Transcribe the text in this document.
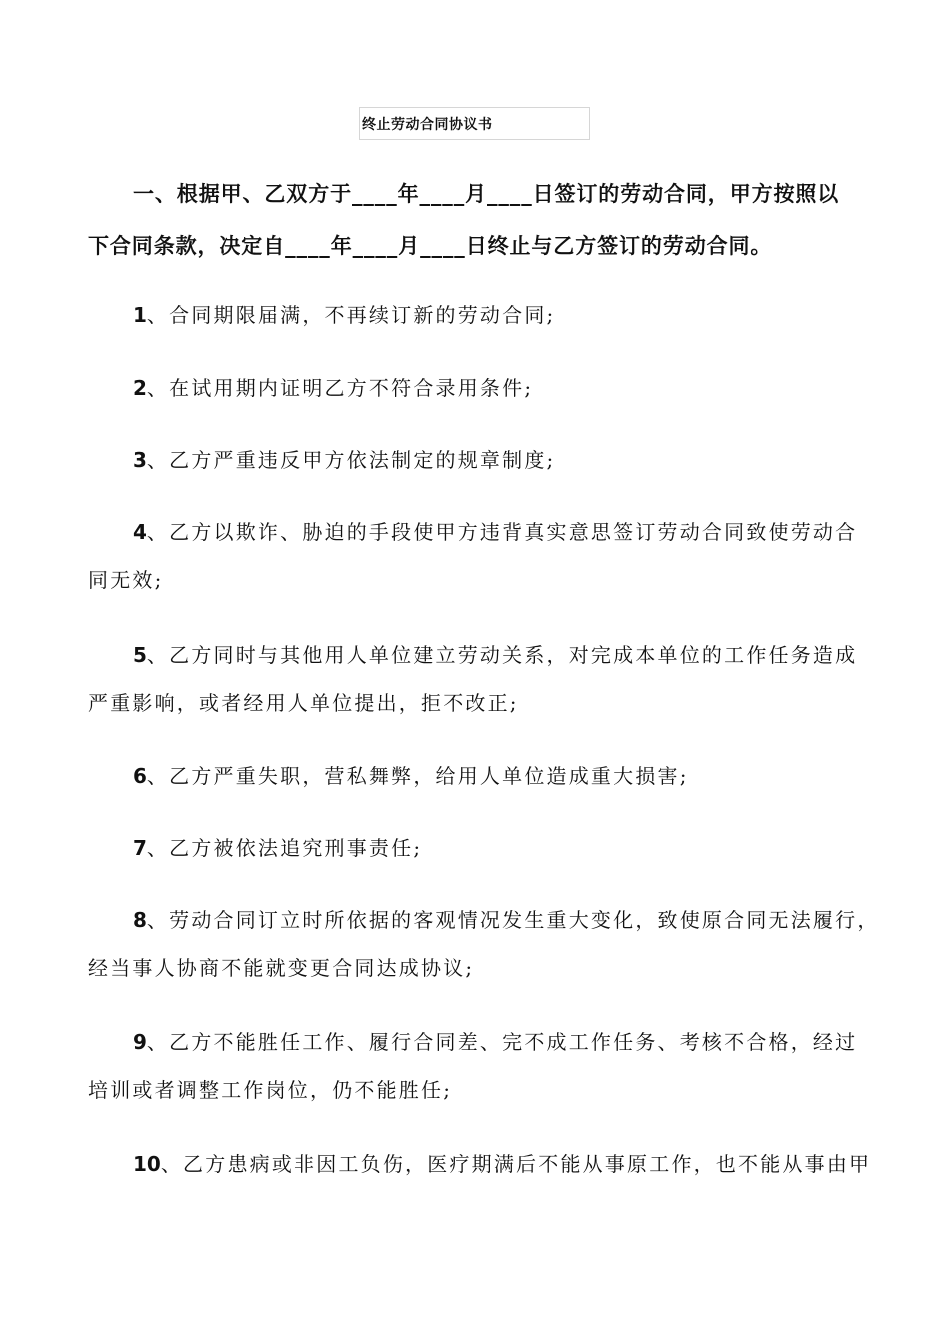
终止劳动合同协议书
一、根据甲、乙双方于____年____月____日签订的劳动合同，甲方按照以
下合同条款，决定自____年____月____日终止与乙方签订的劳动合同。
1、合同期限届满，不再续订新的劳动合同;
2、在试用期内证明乙方不符合录用条件;
3、乙方严重违反甲方依法制定的规章制度;
4、乙方以欺诈、胁迫的手段使甲方违背真实意思签订劳动合同致使劳动合
同无效;
5、乙方同时与其他用人单位建立劳动关系，对完成本单位的工作任务造成
严重影响，或者经用人单位提出，拒不改正;
6、乙方严重失职，营私舞弊，给用人单位造成重大损害;
7、乙方被依法追究刑事责任;
8、劳动合同订立时所依据的客观情况发生重大变化，致使原合同无法履行，
经当事人协商不能就变更合同达成协议;
9、乙方不能胜任工作、履行合同差、完不成工作任务、考核不合格，经过
培训或者调整工作岗位，仍不能胜任;
10、乙方患病或非因工负伤，医疗期满后不能从事原工作，也不能从事由甲
